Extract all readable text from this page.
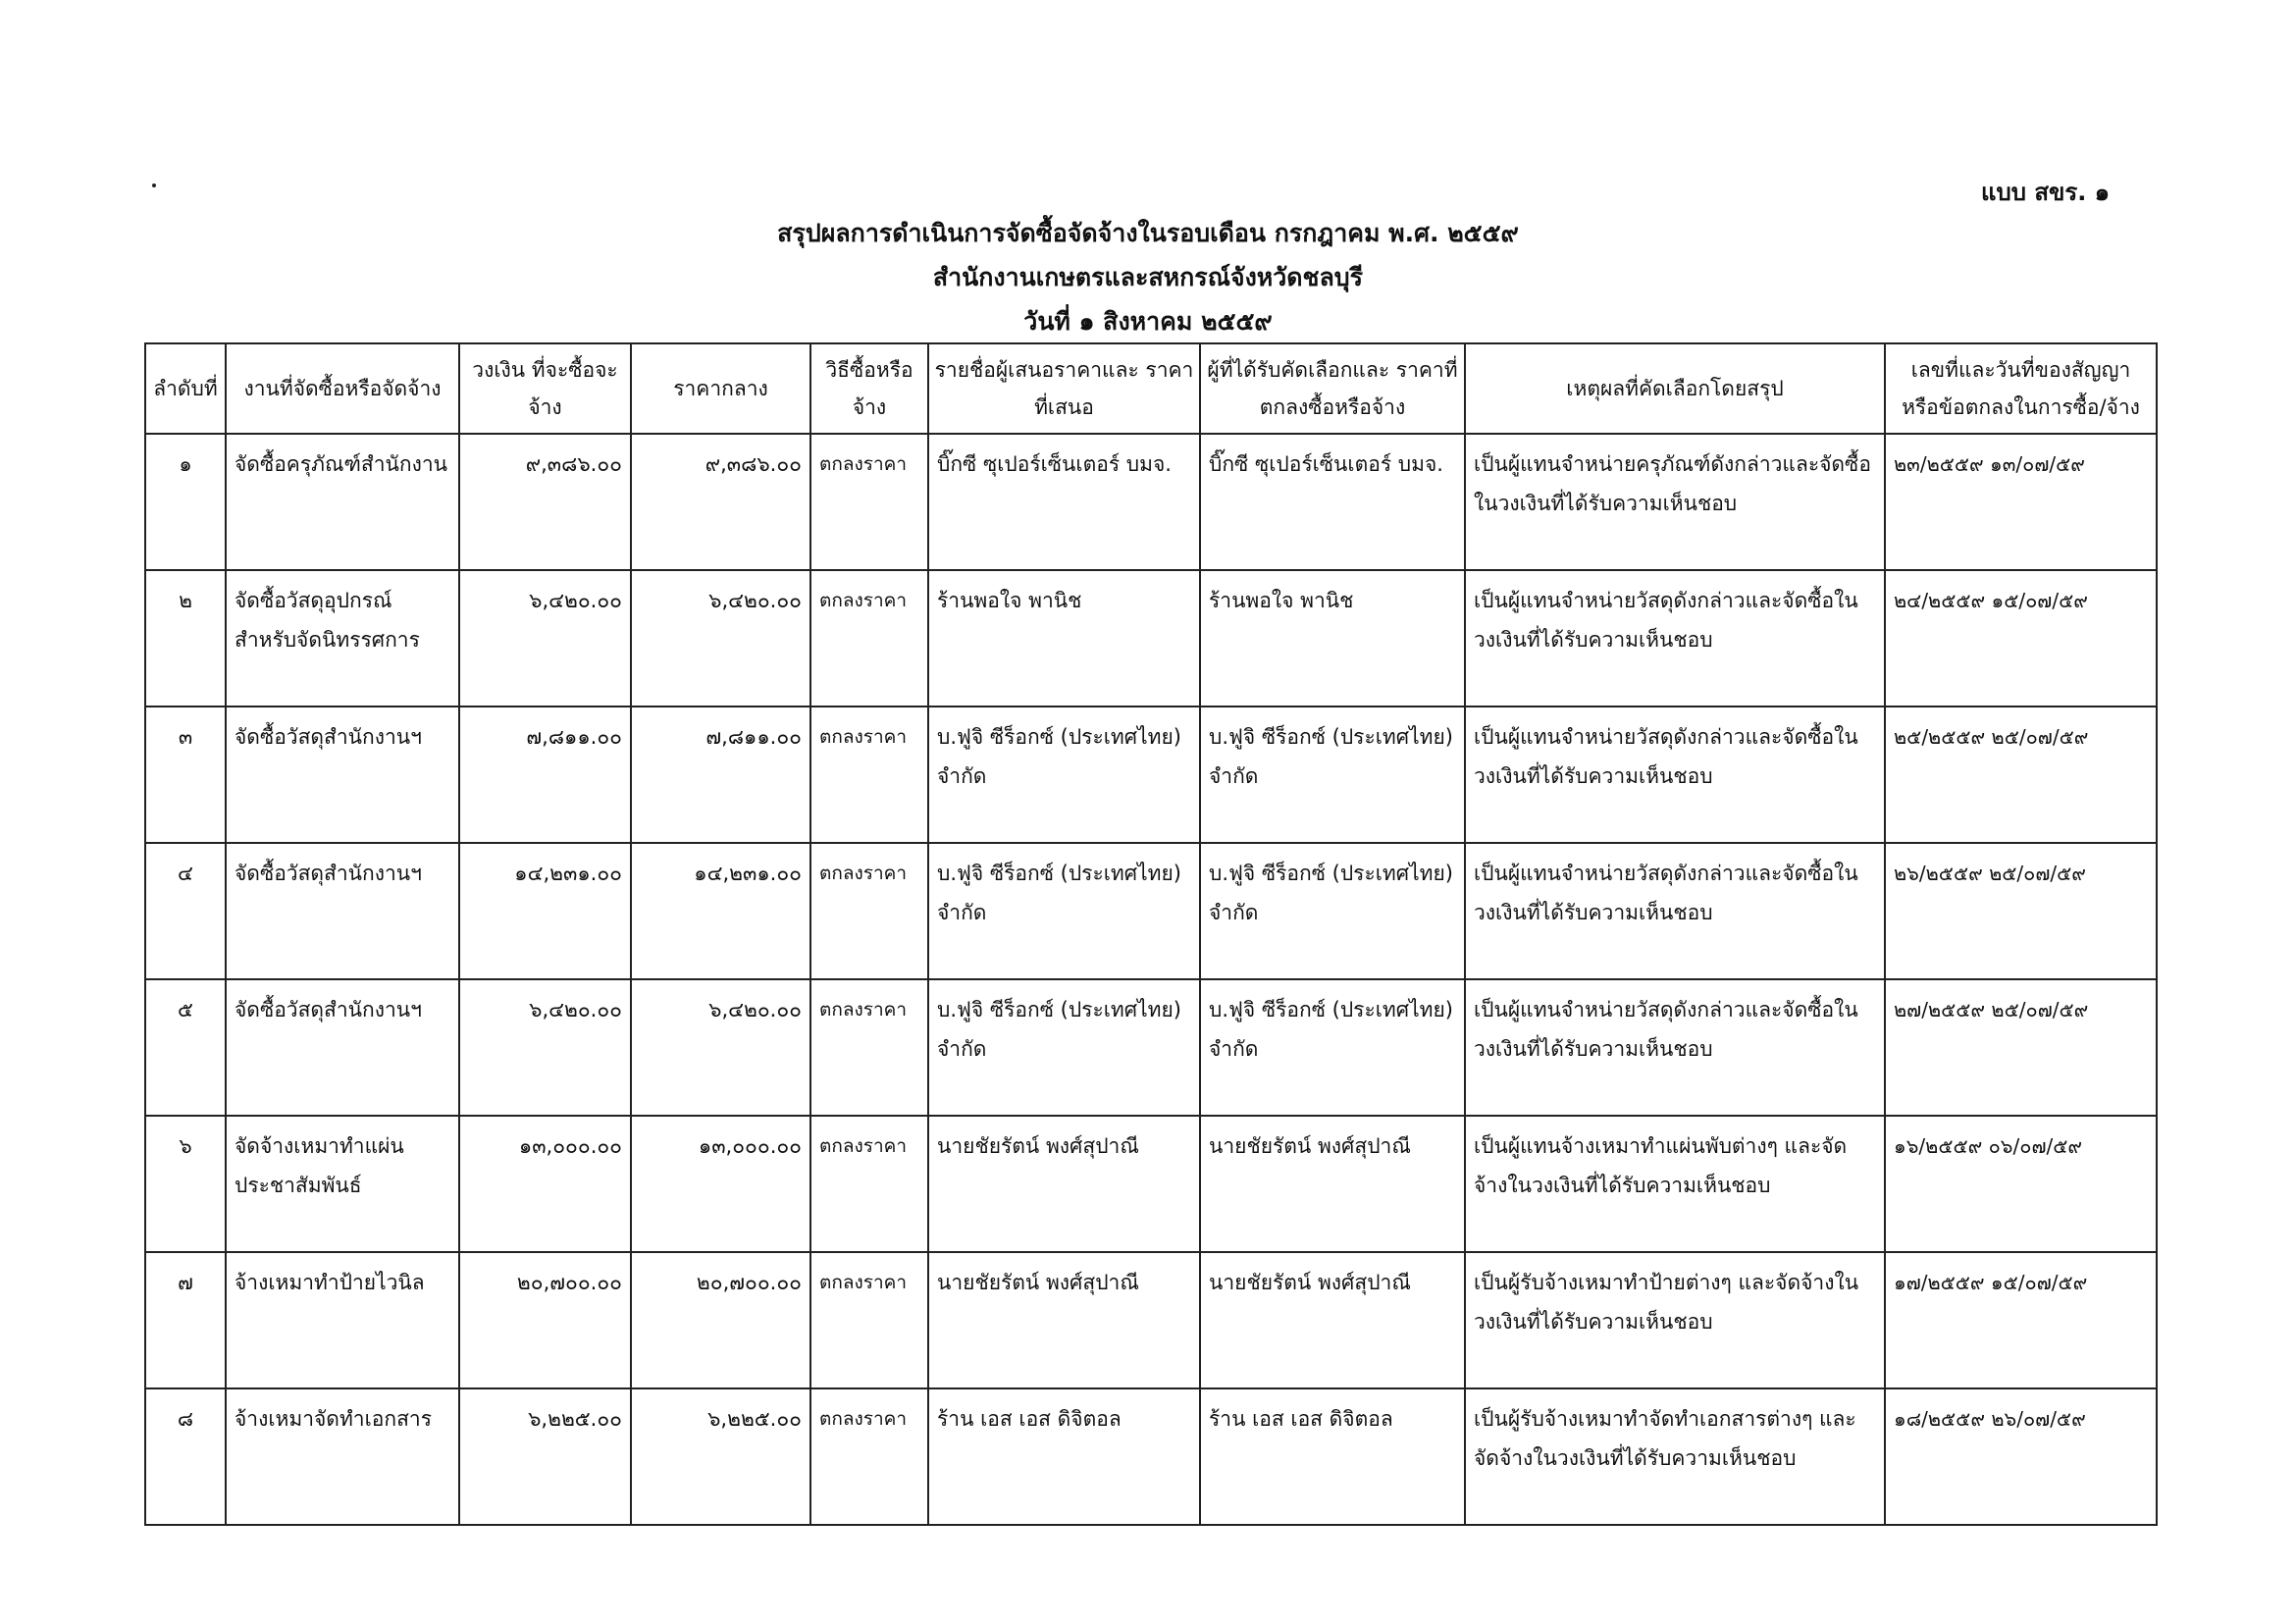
แบบ สขร. ๑
สรุปผลการดำเนินการจัดซื้อจัดจ้างในรอบเดือน กรกฎาคม พ.ศ. ๒๕๕๙
สำนักงานเกษตรและสหกรณ์จังหวัดชลบุรี
วันที่ ๑ สิงหาคม ๒๕๕๙
ลำดับที่	งานที่จัดซื้อหรือจัดจ้าง	วงเงิน ที่จะซื้อจะจ้าง	ราคากลาง	วิธีซื้อหรือ จ้าง	รายชื่อผู้เสนอราคาและ ราคาที่เสนอ	ผู้ที่ได้รับคัดเลือกและ ราคาที่ตกลงซื้อหรือจ้าง	เหตุผลที่คัดเลือกโดยสรุป	เลขที่และวันที่ของสัญญา หรือข้อตกลงในการซื้อ/จ้าง
๑	จัดซื้อครุภัณฑ์สำนักงาน	๙,๓๘๖.๐๐	๙,๓๘๖.๐๐	ตกลงราคา	บิ๊กซี ซุเปอร์เซ็นเตอร์ บมจ.	บิ๊กซี ซุเปอร์เซ็นเตอร์ บมจ.	เป็นผู้แทนจำหน่ายครุภัณฑ์ดังกล่าวและจัดซื้อในวงเงินที่ได้รับความเห็นชอบ	๒๓/๒๕๕๙ ๑๓/๐๗/๕๙
๒	จัดซื้อวัสดุอุปกรณ์สำหรับจัดนิทรรศการ	๖,๔๒๐.๐๐	๖,๔๒๐.๐๐	ตกลงราคา	ร้านพอใจ พานิช	ร้านพอใจ พานิช	เป็นผู้แทนจำหน่ายวัสดุดังกล่าวและจัดซื้อในวงเงินที่ได้รับความเห็นชอบ	๒๔/๒๕๕๙ ๑๕/๐๗/๕๙
๓	จัดซื้อวัสดุสำนักงานฯ	๗,๘๑๑.๐๐	๗,๘๑๑.๐๐	ตกลงราคา	บ.ฟูจิ ซีร็อกซ์ (ประเทศไทย) จำกัด	บ.ฟูจิ ซีร็อกซ์ (ประเทศไทย) จำกัด	เป็นผู้แทนจำหน่ายวัสดุดังกล่าวและจัดซื้อในวงเงินที่ได้รับความเห็นชอบ	๒๕/๒๕๕๙ ๒๕/๐๗/๕๙
๔	จัดซื้อวัสดุสำนักงานฯ	๑๔,๒๓๑.๐๐	๑๔,๒๓๑.๐๐	ตกลงราคา	บ.ฟูจิ ซีร็อกซ์ (ประเทศไทย) จำกัด	บ.ฟูจิ ซีร็อกซ์ (ประเทศไทย) จำกัด	เป็นผู้แทนจำหน่ายวัสดุดังกล่าวและจัดซื้อในวงเงินที่ได้รับความเห็นชอบ	๒๖/๒๕๕๙ ๒๕/๐๗/๕๙
๕	จัดซื้อวัสดุสำนักงานฯ	๖,๔๒๐.๐๐	๖,๔๒๐.๐๐	ตกลงราคา	บ.ฟูจิ ซีร็อกซ์ (ประเทศไทย) จำกัด	บ.ฟูจิ ซีร็อกซ์ (ประเทศไทย) จำกัด	เป็นผู้แทนจำหน่ายวัสดุดังกล่าวและจัดซื้อในวงเงินที่ได้รับความเห็นชอบ	๒๗/๒๕๕๙ ๒๕/๐๗/๕๙
๖	จัดจ้างเหมาทำแผ่นประชาสัมพันธ์	๑๓,๐๐๐.๐๐	๑๓,๐๐๐.๐๐	ตกลงราคา	นายชัยรัตน์ พงศ์สุปาณี	นายชัยรัตน์ พงศ์สุปาณี	เป็นผู้แทนจ้างเหมาทำแผ่นพับต่างๆ และจัดจ้างในวงเงินที่ได้รับความเห็นชอบ	๑๖/๒๕๕๙ ๐๖/๐๗/๕๙
๗	จ้างเหมาทำป้ายไวนิล	๒๐,๗๐๐.๐๐	๒๐,๗๐๐.๐๐	ตกลงราคา	นายชัยรัตน์ พงศ์สุปาณี	นายชัยรัตน์ พงศ์สุปาณี	เป็นผู้รับจ้างเหมาทำป้ายต่างๆ และจัดจ้างในวงเงินที่ได้รับความเห็นชอบ	๑๗/๒๕๕๙ ๑๕/๐๗/๕๙
๘	จ้างเหมาจัดทำเอกสาร	๖,๒๒๕.๐๐	๖,๒๒๕.๐๐	ตกลงราคา	ร้าน เอส เอส ดิจิตอล	ร้าน เอส เอส ดิจิตอล	เป็นผู้รับจ้างเหมาทำจัดทำเอกสารต่างๆ และจัดจ้างในวงเงินที่ได้รับความเห็นชอบ	๑๘/๒๕๕๙ ๒๖/๐๗/๕๙
